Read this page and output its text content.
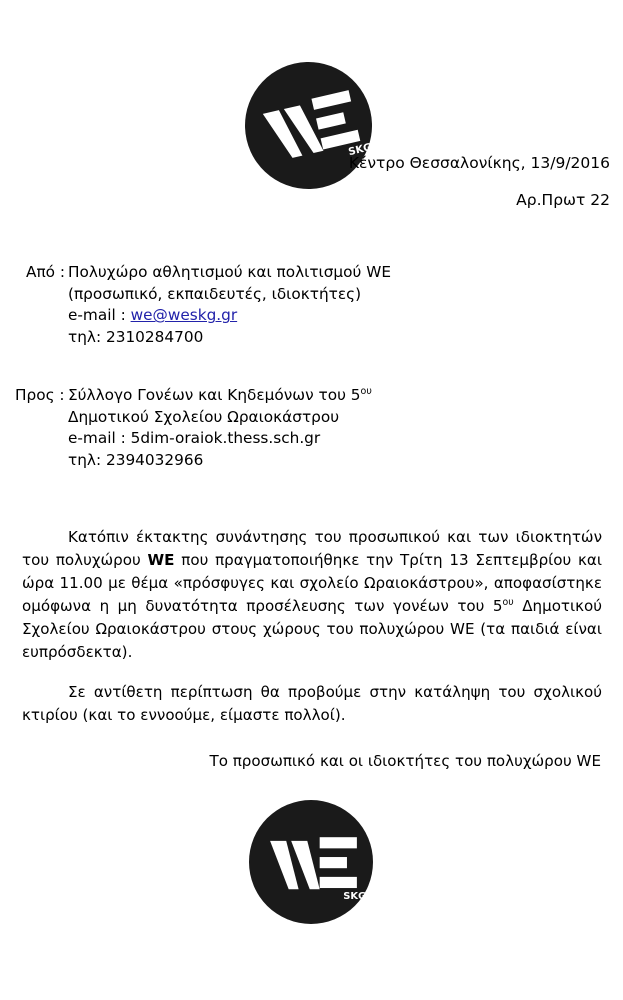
SKG
Κέντρο Θεσσαλονίκης, 13/9/2016
Αρ.Πρωτ 22
Από : Πολυχώρο αθλητισμού και πολιτισμού WE
(προσωπικό, εκπαιδευτές, ιδιοκτήτες)
e-mail : we@weskg.gr
τηλ: 2310284700
Προς : Σύλλογο Γονέων και Κηδεμόνων του $5^{o\upsilon}$
Δημοτικού Σχολείου Ωραιοκάστρου
e-mail : 5dim-oraiok.thess.sch.gr
τηλ: 2394032966

Κατόπιν έκτακτης συνάντησης του προσωπικού και των ιδιοκτητών του πολυχώρου WE που πραγματοποιήθηκε την Τρίτη 13 Σεπτεμβρίου και ώρα 11.00 με θέμα «πρόσφυγες και σχολείο Ωραιοκάστρου», αποφασίστηκε ομόφωνα η μη δυνατότητα προσέλευσης των γονέων του $5^{o\upsilon}$ Δημοτικού Σχολείου Ωραιοκάστρου στους χώρους του πολυχώρου WE (τα παιδιά είναι ευπρόσδεκτα).

Σε αντίθετη περίπτωση θα προβούμε στην κατάληψη του σχολικού κτιρίου (και το εννοούμε, είμαστε πολλοί).

Το προσωπικό και οι ιδιοκτήτες του πολυχώρου WE
SKG
